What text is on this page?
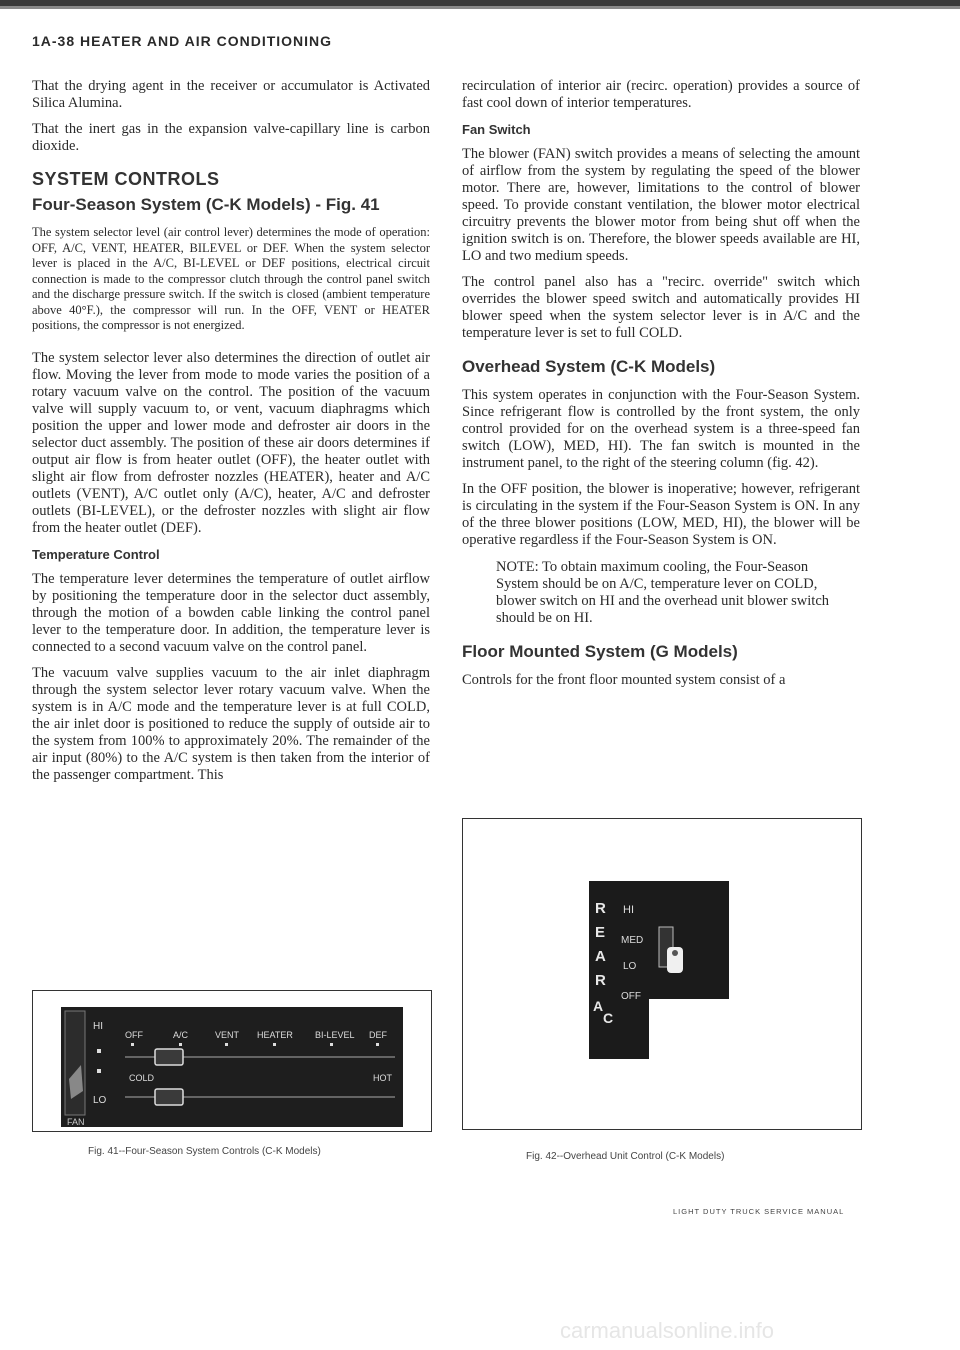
1A-38 HEATER AND AIR CONDITIONING

That the drying agent in the receiver or accumulator is Activated Silica Alumina.

That the inert gas in the expansion valve-capillary line is carbon dioxide.

SYSTEM CONTROLS
Four-Season System (C-K Models) - Fig. 41

The system selector level (air control lever) determines the mode of operation: OFF, A/C, VENT, HEATER, BILEVEL or DEF. When the system selector lever is placed in the A/C, BI-LEVEL or DEF positions, electrical circuit connection is made to the compressor clutch through the control panel switch and the discharge pressure switch. If the switch is closed (ambient temperature above 40°F.), the compressor will run. In the OFF, VENT or HEATER positions, the compressor is not energized.

The system selector lever also determines the direction of outlet air flow. Moving the lever from mode to mode varies the position of a rotary vacuum valve on the control. The position of the vacuum valve will supply vacuum to, or vent, vacuum diaphragms which position the upper and lower mode and defroster air doors in the selector duct assembly. The position of these air doors determines if output air flow is from heater outlet (OFF), the heater outlet with slight air flow from defroster nozzles (HEATER), heater and A/C outlets (VENT), A/C outlet only (A/C), heater, A/C and defroster outlets (BI-LEVEL), or the defroster nozzles with slight air flow from the heater outlet (DEF).

Temperature Control

The temperature lever determines the temperature of outlet airflow by positioning the temperature door in the selector duct assembly, through the motion of a bowden cable linking the control panel lever to the temperature door. In addition, the temperature lever is connected to a second vacuum valve on the control panel.

The vacuum valve supplies vacuum to the air inlet diaphragm through the system selector lever rotary vacuum valve. When the system is in A/C mode and the temperature lever is at full COLD, the air inlet door is positioned to reduce the supply of outside air to the system from 100% to approximately 20%. The remainder of the air input (80%) to the A/C system is then taken from the interior of the passenger compartment. This

recirculation of interior air (recirc. operation) provides a source of fast cool down of interior temperatures.

Fan Switch

The blower (FAN) switch provides a means of selecting the amount of airflow from the system by regulating the speed of the blower motor. There are, however, limitations to the control of blower speed. To provide constant ventilation, the blower motor electrical circuitry prevents the blower motor from being shut off when the ignition switch is on. Therefore, the blower speeds available are HI, LO and two medium speeds.

The control panel also has a "recirc. override" switch which overrides the blower speed switch and automatically provides HI blower speed when the system selector lever is in A/C and the temperature lever is set to full COLD.

Overhead System (C-K Models)

This system operates in conjunction with the Four-Season System. Since refrigerant flow is controlled by the front system, the only control provided for on the overhead system is a three-speed fan switch (LOW), MED, HI). The fan switch is mounted in the instrument panel, to the right of the steering column (fig. 42).

In the OFF position, the blower is inoperative; however, refrigerant is circulating in the system if the Four-Season System is ON. In any of the three blower positions (LOW, MED, HI), the blower will be operative regardless if the Four-Season System is ON.

NOTE: To obtain maximum cooling, the Four-Season System should be on A/C, temperature lever on COLD, blower switch on HI and the overhead unit blower switch should be on HI.

Floor Mounted System (G Models)

Controls for the front floor mounted system consist of a

HI
LO
FAN
OFF	A/C	VENT HEATER BI-LEVEL DEF
COLD	HOT
Fig. 41--Four-Season System Controls (C-K Models)
R
E
A
R
A
C
HI
MED
LO
OFF
Fig. 42--Overhead Unit Control (C-K Models)
LIGHT DUTY TRUCK SERVICE MANUAL
carmanualsonline.info
